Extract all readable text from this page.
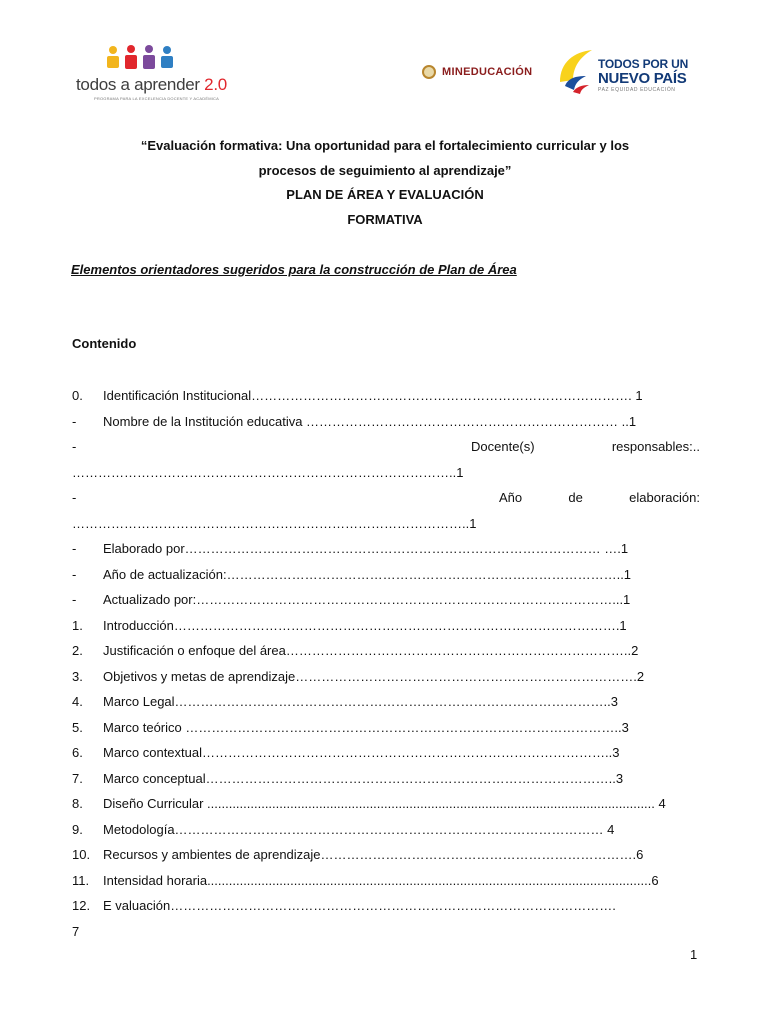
todos a aprender 2.0
PROGRAMA PARA LA EXCELENCIA DOCENTE Y ACADÉMICA
MINEDUCACIÓN
TODOS POR UN
NUEVO PAÍS
PAZ EQUIDAD EDUCACIÓN
“Evaluación formativa: Una oportunidad para el fortalecimiento curricular y los
procesos de seguimiento al aprendizaje”
PLAN DE ÁREA Y EVALUACIÓN
FORMATIVA
Elementos orientadores sugeridos para la construcción de Plan de Área
Contenido
0.	Identificación Institucional……………………………………………………………………………. 1
-	Nombre de la Institución educativa ……………………………………………………………… ..1
-	Docente(s)	responsables:..
……………………………………………………………………………..1
-	Año	de	elaboración:
………………………………………………………………………………..1
-	Elaborado por…………………………………………………………………………………… ….1
-	Año de actualización:………………………………………………………………………………..1
-	Actualizado por:……………………………………………………………………………………...1
1.	Introducción………………………………………………………………………………………….1
2.	Justificación o enfoque del área……………………………………………………………………..2
3.	Objetivos y metas de aprendizaje…………………………………………………………………….2
4.	Marco Legal………………………………………………………………………………………..3
5.	Marco teórico ………………………………………………………………………………………..3
6.	Marco contextual…………………………………………………………………………………..3
7.	Marco conceptual…………………………………………………………………………………..3
8.	Diseño Curricular ............................................................................................................................ 4
9.	Metodología……………………………………………………………………………………… 4
10. Recursos y ambientes de aprendizaje……………………………………………………………….6
11.	Intensidad horaria...........................................................................................................................6
12. E valuación………………………………………………………………………………………….
7
1
